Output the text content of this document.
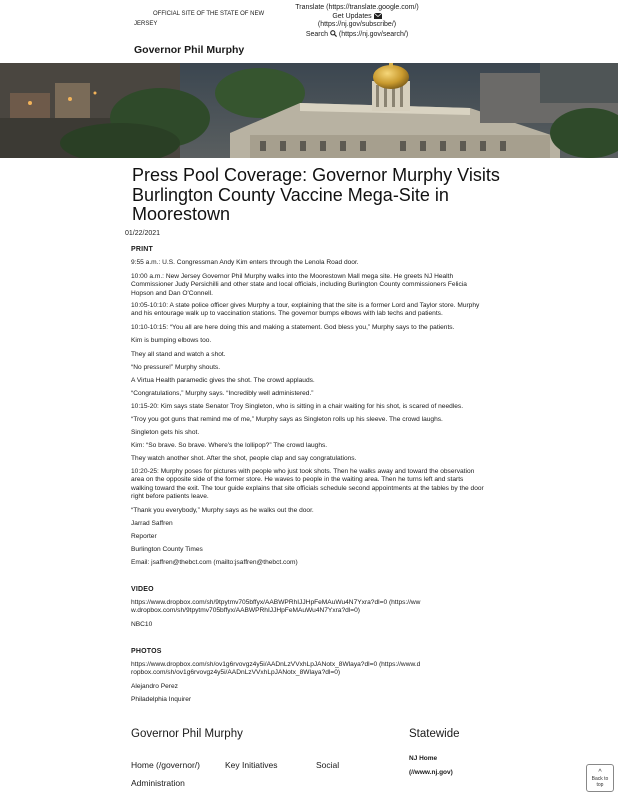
OFFICIAL SITE OF THE STATE OF NEW
JERSEY
Translate (https://translate.google.com/)
Get Updates
(https://nj.gov/subscribe/)
Search (https://nj.gov/search/)
Governor Phil Murphy
Press Pool Coverage: Governor Murphy Visits Burlington County Vaccine Mega-Site in Moorestown
01/22/2021
PRINT

9:55 a.m.: U.S. Congressman Andy Kim enters through the Lenola Road door.

10:00 a.m.: New Jersey Governor Phil Murphy walks into the Moorestown Mall mega site. He greets NJ Health Commissioner Judy Persichilli and other state and local officials, including Burlington County commissioners Felicia Hopson and Dan O'Connell.

10:05-10:10: A state police officer gives Murphy a tour, explaining that the site is a former Lord and Taylor store. Murphy and his entourage walk up to vaccination stations. The governor bumps elbows with lab techs and patients.

10:10-10:15: “You all are here doing this and making a statement. God bless you,” Murphy says to the patients.

Kim is bumping elbows too.

They all stand and watch a shot.

“No pressure!” Murphy shouts.

A Virtua Health paramedic gives the shot. The crowd applauds.

“Congratulations,” Murphy says. “Incredibly well administered.”

10:15-20: Kim says state Senator Troy Singleton, who is sitting in a chair waiting for his shot, is scared of needles.

“Troy you got guns that remind me of me,” Murphy says as Singleton rolls up his sleeve. The crowd laughs.

Singleton gets his shot.

Kim: “So brave. So brave. Where's the lollipop?” The crowd laughs.

They watch another shot. After the shot, people clap and say congratulations.

10:20-25: Murphy poses for pictures with people who just took shots. Then he walks away and toward the observation area on the opposite side of the former store. He waves to people in the waiting area. Then he turns left and starts walking toward the exit. The tour guide explains that site officials schedule second appointments at the tables by the door right before patients leave.

“Thank you everybody,” Murphy says as he walks out the door.

Jarrad Saffren

Reporter

Burlington County Times

Email: jsaffren@thebct.com (mailto:jsaffren@thebct.com)

VIDEO

https://www.dropbox.com/sh/9tpytmv705bffyx/AABWPRhIJJHpFeMAuWu4N7Yxra?dl=0 (https://www.dropbox.com/sh/9tpytmv705bffyx/AABWPRhIJJHpFeMAuWu4N7Yxra?dl=0)

NBC10

PHOTOS

https://www.dropbox.com/sh/ov1g6rvovgz4y5i/AADnLzVVxhLpJANotx_8Wlaya?dl=0 (https://www.dropbox.com/sh/ov1g6rvovgz4y5i/AADnLzVVxhLpJANotx_8Wlaya?dl=0)

Alejandro Perez

Philadelphia Inquirer

Governor Phil Murphy	Statewide
Home (/governor/)	Key Initiatives	Social
Administration
NJ Home
(//www.nj.gov)	^
Back to top
